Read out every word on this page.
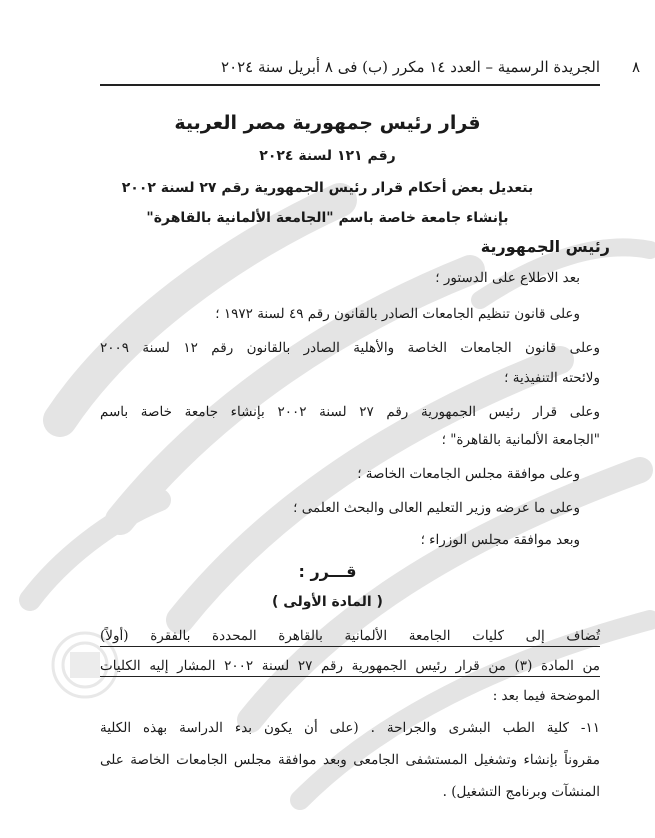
٨
الجريدة الرسمية – العدد ١٤ مكرر (ب) فى ٨ أبريل سنة ٢٠٢٤
قرار رئيس جمهورية مصر العربية
رقم ١٢١ لسنة ٢٠٢٤
بتعديل بعض أحكام قرار رئيس الجمهورية رقم ٢٧ لسنة ٢٠٠٢
بإنشاء جامعة خاصة باسم "الجامعة الألمانية بالقاهرة"
رئيس الجمهورية
بعد الاطلاع على الدستور ؛
وعلى قانون تنظيم الجامعات الصادر بالقانون رقم ٤٩ لسنة ١٩٧٢ ؛
وعلى قانون الجامعات الخاصة والأهلية الصادر بالقانون رقم ١٢ لسنة ٢٠٠٩
ولائحته التنفيذية ؛
وعلى قرار رئيس الجمهورية رقم ٢٧ لسنة ٢٠٠٢ بإنشاء جامعة خاصة باسم
"الجامعة الألمانية بالقاهرة" ؛
وعلى موافقة مجلس الجامعات الخاصة ؛
وعلى ما عرضه وزير التعليم العالى والبحث العلمى ؛
وبعد موافقة مجلس الوزراء ؛
قـــرر :
( المادة الأولى )
تُضاف إلى كليات الجامعة الألمانية بالقاهرة المحددة بالفقرة (أولاً)
من المادة (٣) من قرار رئيس الجمهورية رقم ٢٧ لسنة ٢٠٠٢ المشار إليه الكليات
الموضحة فيما بعد :
١١- كلية الطب البشرى والجراحة . (على أن يكون بدء الدراسة بهذه الكلية
مقروناً بإنشاء وتشغيل المستشفى الجامعى وبعد موافقة مجلس الجامعات الخاصة على
المنشآت وبرنامج التشغيل) .
